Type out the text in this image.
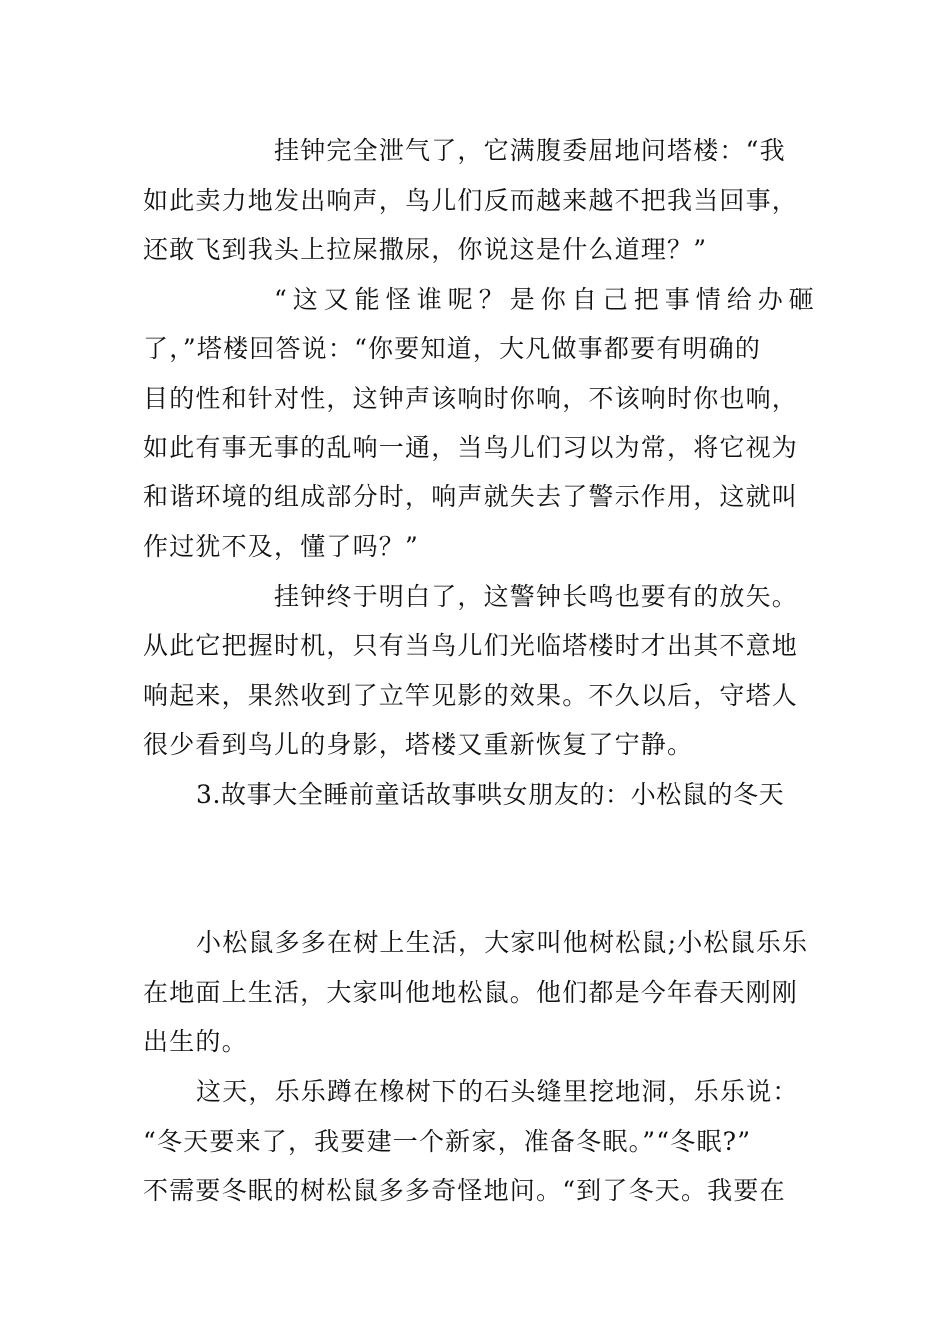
挂钟完全泄气了，它满腹委屈地问塔楼：“我
如此卖力地发出响声，鸟儿们反而越来越不把我当回事，
还敢飞到我头上拉屎撒尿，你说这是什么道理？”
“这又能怪谁呢？是你自己把事情给办砸
了，”塔楼回答说：“你要知道，大凡做事都要有明确的
目的性和针对性，这钟声该响时你响，不该响时你也响，
如此有事无事的乱响一通，当鸟儿们习以为常，将它视为
和谐环境的组成部分时，响声就失去了警示作用，这就叫
作过犹不及，懂了吗？”
挂钟终于明白了，这警钟长鸣也要有的放矢。
从此它把握时机，只有当鸟儿们光临塔楼时才出其不意地
响起来，果然收到了立竿见影的效果。不久以后，守塔人
很少看到鸟儿的身影，塔楼又重新恢复了宁静。
3.故事大全睡前童话故事哄女朋友的：小松鼠的冬天
小松鼠多多在树上生活，大家叫他树松鼠;小松鼠乐乐
在地面上生活，大家叫他地松鼠。他们都是今年春天刚刚
出生的。
这天，乐乐蹲在橡树下的石头缝里挖地洞，乐乐说：
“冬天要来了，我要建一个新家，准备冬眠。”“冬眠?”
不需要冬眠的树松鼠多多奇怪地问。“到了冬天。我要在
